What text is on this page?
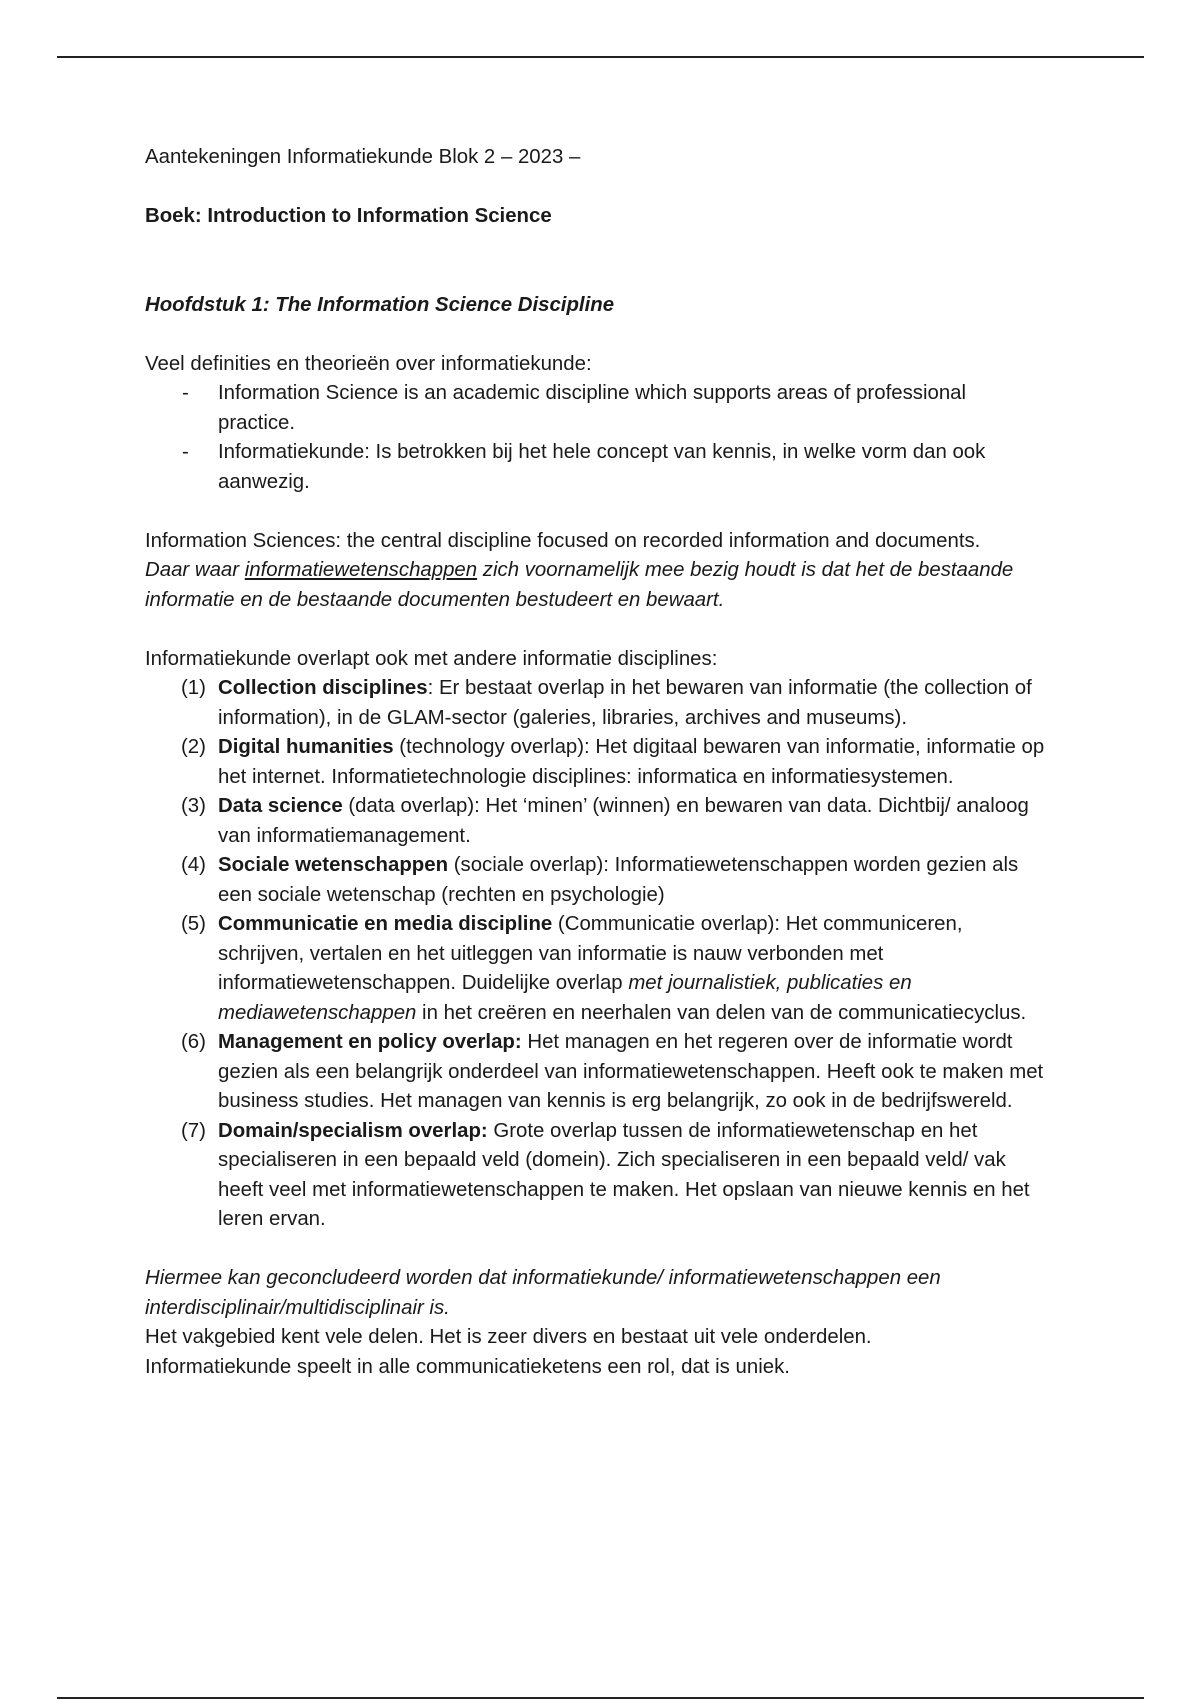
Aantekeningen Informatiekunde Blok 2 – 2023 –

Boek: Introduction to Information Science

Hoofdstuk 1: The Information Science Discipline

Veel definities en theorieën over informatiekunde:

- Information Science is an academic discipline which supports areas of professional practice.
- Informatiekunde: Is betrokken bij het hele concept van kennis, in welke vorm dan ook aanwezig.

Information Sciences: the central discipline focused on recorded information and documents.

Daar waar informatiewetenschappen zich voornamelijk mee bezig houdt is dat het de bestaande informatie en de bestaande documenten bestudeert en bewaart.

Informatiekunde overlapt ook met andere informatie disciplines:

(1) Collection disciplines: Er bestaat overlap in het bewaren van informatie (the collection of information), in de GLAM-sector (galeries, libraries, archives and museums).
(2) Digital humanities (technology overlap): Het digitaal bewaren van informatie, informatie op het internet. Informatietechnologie disciplines: informatica en informatiesystemen.
(3) Data science (data overlap): Het ‘minen’ (winnen) en bewaren van data. Dichtbij/ analoog van informatiemanagement.
(4) Sociale wetenschappen (sociale overlap): Informatiewetenschappen worden gezien als een sociale wetenschap (rechten en psychologie)
(5) Communicatie en media discipline (Communicatie overlap): Het communiceren, schrijven, vertalen en het uitleggen van informatie is nauw verbonden met informatiewetenschappen. Duidelijke overlap met journalistiek, publicaties en mediawetenschappen in het creëren en neerhalen van delen van de communicatiecyclus.
(6) Management en policy overlap: Het managen en het regeren over de informatie wordt gezien als een belangrijk onderdeel van informatiewetenschappen. Heeft ook te maken met business studies. Het managen van kennis is erg belangrijk, zo ook in de bedrijfswereld.
(7) Domain/specialism overlap: Grote overlap tussen de informatiewetenschap en het specialiseren in een bepaald veld (domein). Zich specialiseren in een bepaald veld/ vak heeft veel met informatiewetenschappen te maken. Het opslaan van nieuwe kennis en het leren ervan.

Hiermee kan geconcludeerd worden dat informatiekunde/ informatiewetenschappen een interdisciplinair/multidisciplinair is.

Het vakgebied kent vele delen. Het is zeer divers en bestaat uit vele onderdelen.

Informatiekunde speelt in alle communicatieketens een rol, dat is uniek.
